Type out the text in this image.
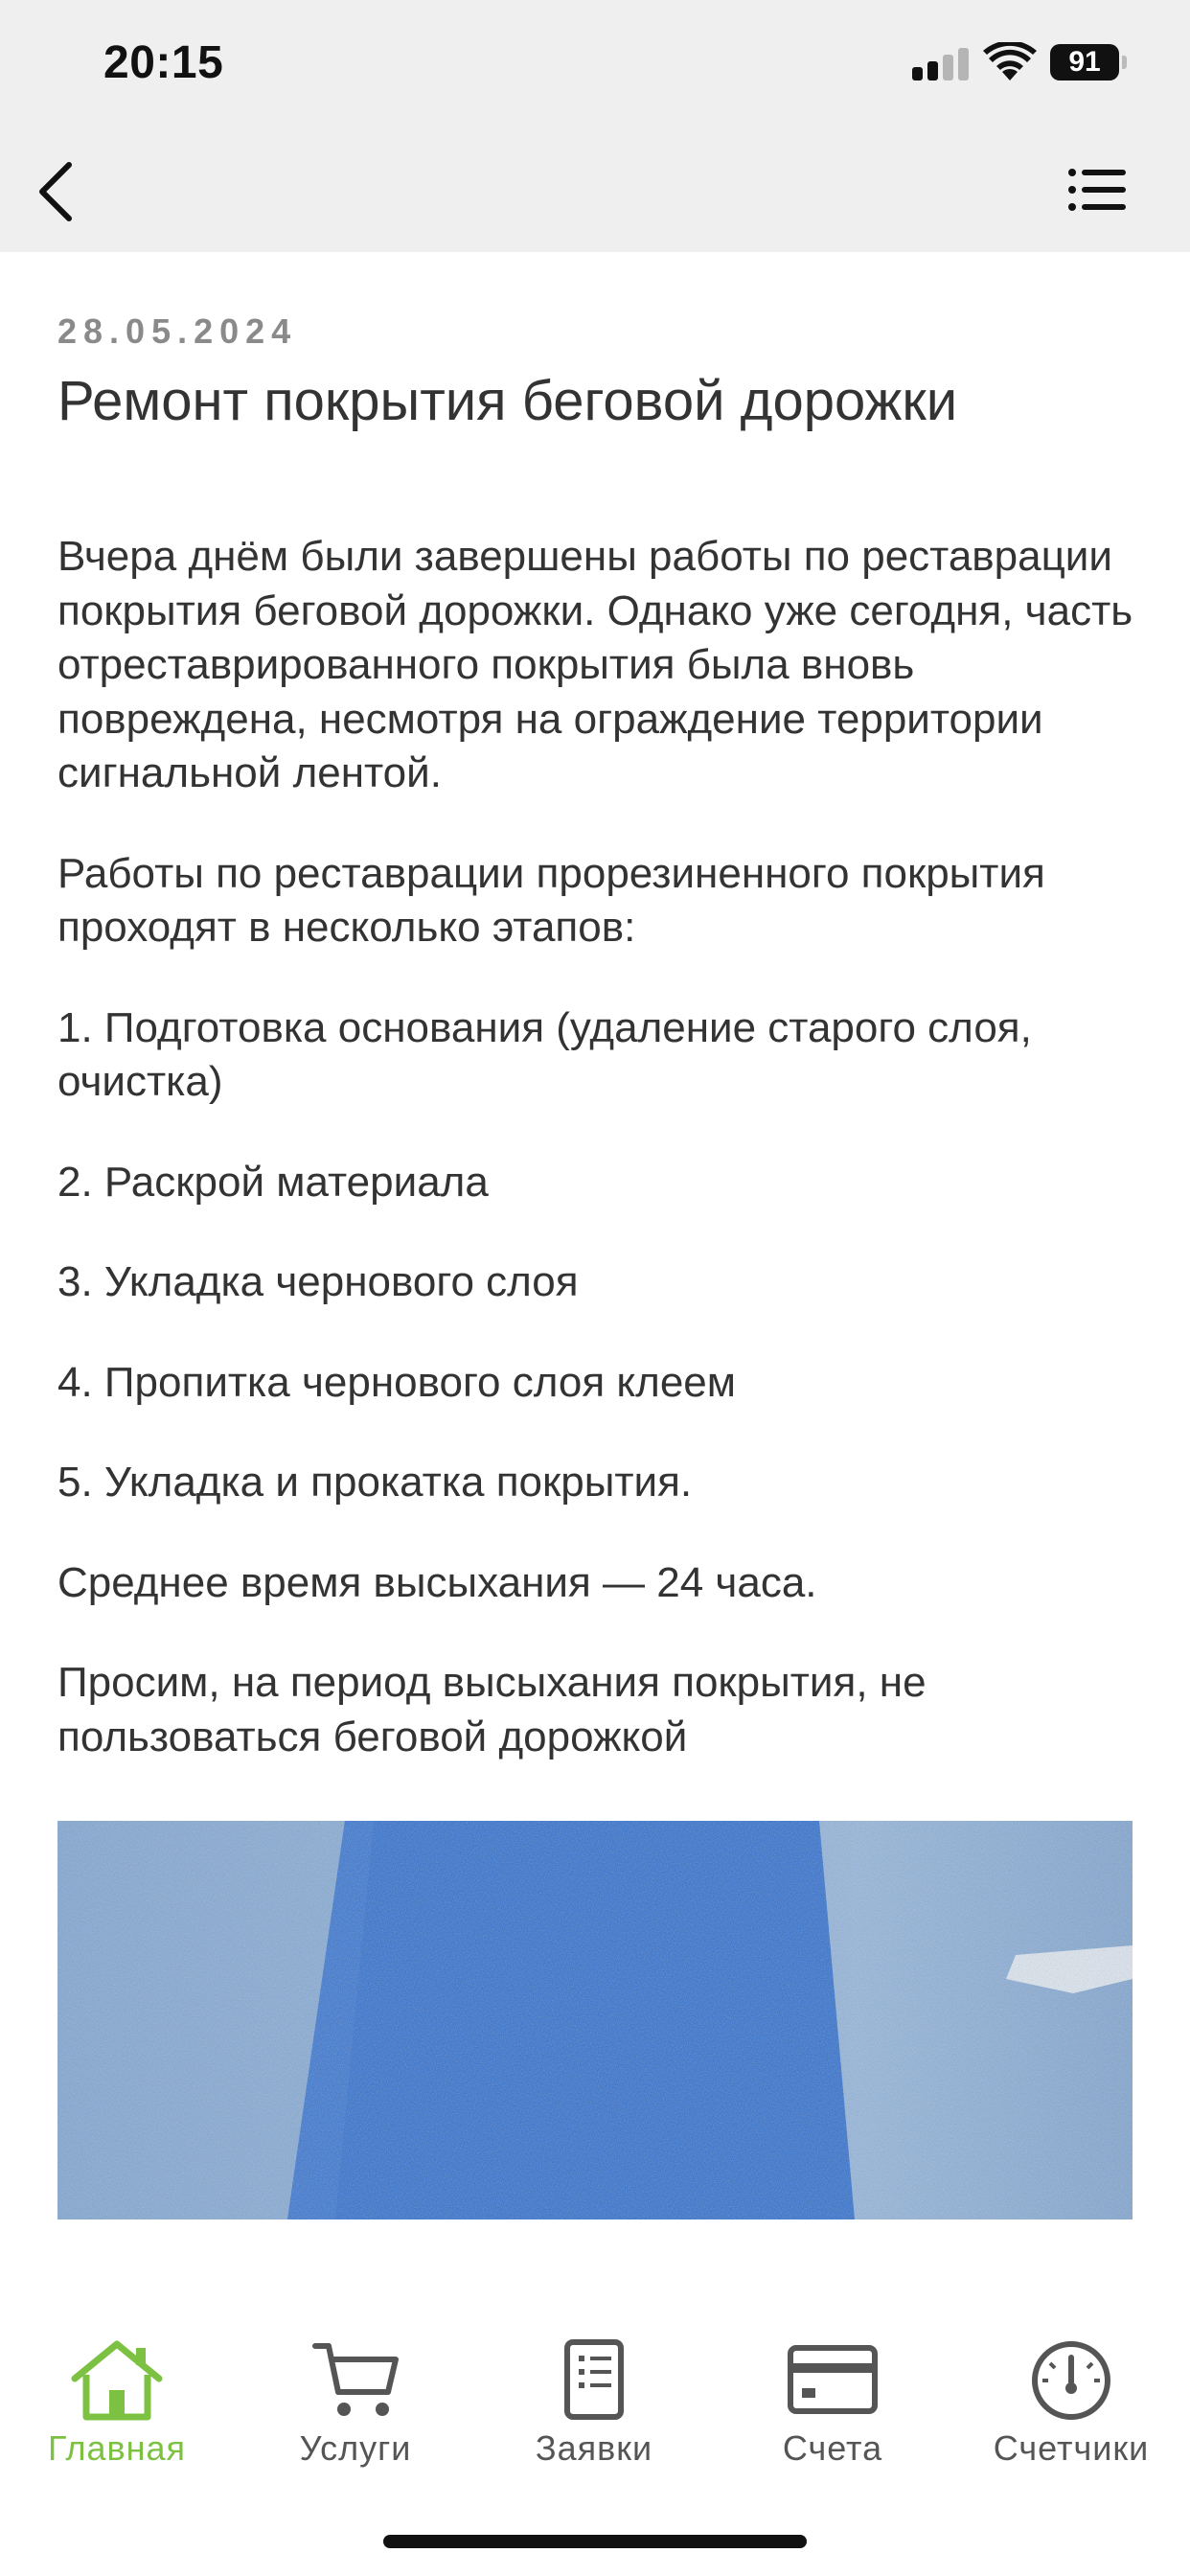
20:15	91
28.05.2024
Ремонт покрытия беговой дорожки

Вчера днём были завершены работы по реставрации покрытия беговой дорожки. Однако уже сегодня, часть отреставрированного покрытия была вновь повреждена, несмотря на ограждение территории сигнальной лентой.

Работы по реставрации прорезиненного покрытия проходят в несколько этапов:

1. Подготовка основания (удаление старого слоя, очистка)

2. Раскрой материала

3. Укладка чернового слоя

4. Пропитка чернового слоя клеем

5. Укладка и прокатка покрытия.

Среднее время высыхания — 24 часа.

Просим, на период высыхания покрытия, не пользоваться беговой дорожкой

Главная	Услуги	Заявки	Счета	Счетчики
